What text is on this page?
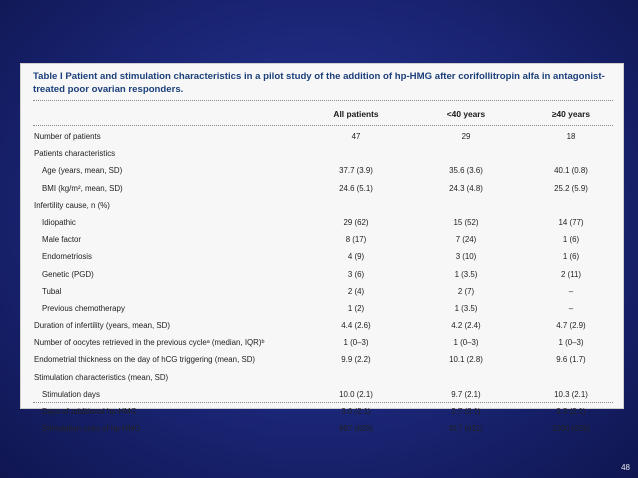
Table I Patient and stimulation characteristics in a pilot study of the addition of hp-HMG after corifollitropin alfa in antagonist-treated poor ovarian responders.
All patients	<40 years	≥40 years
Number of patients	47	29	18
Patients characteristics
Age (years, mean, SD)	37.7 (3.9)	35.6 (3.6)	40.1 (0.8)
BMI (kg/m², mean, SD)	24.6 (5.1)	24.3 (4.8)	25.2 (5.9)
Infertility cause, n (%)
Idiopathic	29 (62)	15 (52)	14 (77)
Male factor	8 (17)	7 (24)	1 (6)
Endometriosis	4 (9)	3 (10)	1 (6)
Genetic (PGD)	3 (6)	1 (3.5)	2 (11)
Tubal	2 (4)	2 (7)	–
Previous chemotherapy	1 (2)	1 (3.5)	–
Duration of infertility (years, mean, SD)	4.4 (2.6)	4.2 (2.4)	4.7 (2.9)
Number of oocytes retrieved in the previous cycleᵃ (median, IQR)ᵇ	1 (0–3)	1 (0–3)	1 (0–3)
Endometrial thickness on the day of hCG triggering (mean, SD)	9.9 (2.2)	10.1 (2.8)	9.6 (1.7)
Stimulation characteristics (mean, SD)
Stimulation days	10.0 (2.1)	9.7 (2.1)	10.3 (2.1)
Days of additional hp-HMG	3.0 (2.1)	2.7 (2.1)	3.3 (2.1)
Stimulation units of hp-HMG	897 (629)	817 (631)	1000 (626)
48
